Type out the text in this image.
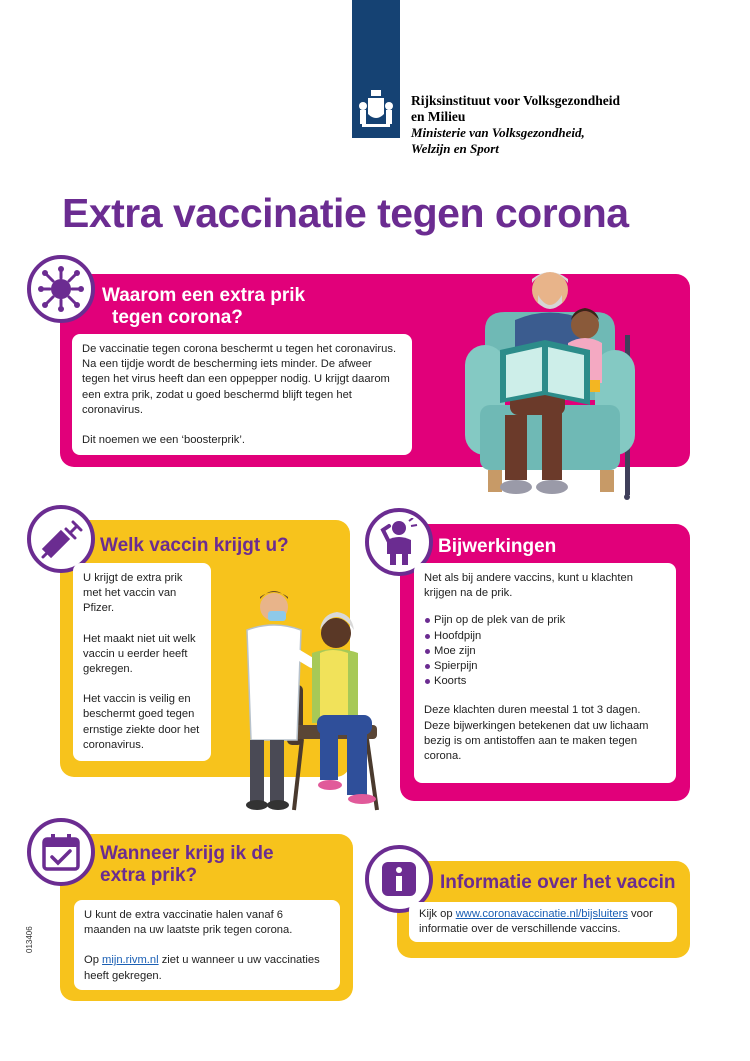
Rijksinstituut voor Volksgezondheid
en Milieu
Ministerie van Volksgezondheid,
Welzijn en Sport
Extra vaccinatie tegen corona
Waarom een extra prik
tegen corona?

De vaccinatie tegen corona beschermt u tegen het coronavirus. Na een tijdje wordt de bescherming iets minder. De afweer tegen het virus heeft dan een oppepper nodig. U krijgt daarom een extra prik, zodat u goed beschermd blijft tegen het coronavirus.

Dit noemen we een ‘boosterprik’.

Welk vaccin krijgt u?

U krijgt de extra prik met het vaccin van Pfizer.

Het maakt niet uit welk vaccin u eerder heeft gekregen.

Het vaccin is veilig en beschermt goed tegen ernstige ziekte door het coronavirus.

Bijwerkingen

Net als bij andere vaccins, kunt u klachten krijgen na de prik.

Pijn op de plek van de prik
Hoofdpijn
Moe zijn
Spierpijn
Koorts

Deze klachten duren meestal 1 tot 3 dagen. Deze bijwerkingen betekenen dat uw lichaam bezig is om antistoffen aan te maken tegen corona.

Wanneer krijg ik de
extra prik?

U kunt de extra vaccinatie halen vanaf 6 maanden na uw laatste prik tegen corona.

Op mijn.rivm.nl ziet u wanneer u uw vaccinaties heeft gekregen.

Informatie over het vaccin

Kijk op www.coronavaccinatie.nl/bijsluiters voor informatie over de verschillende vaccins.

013406
